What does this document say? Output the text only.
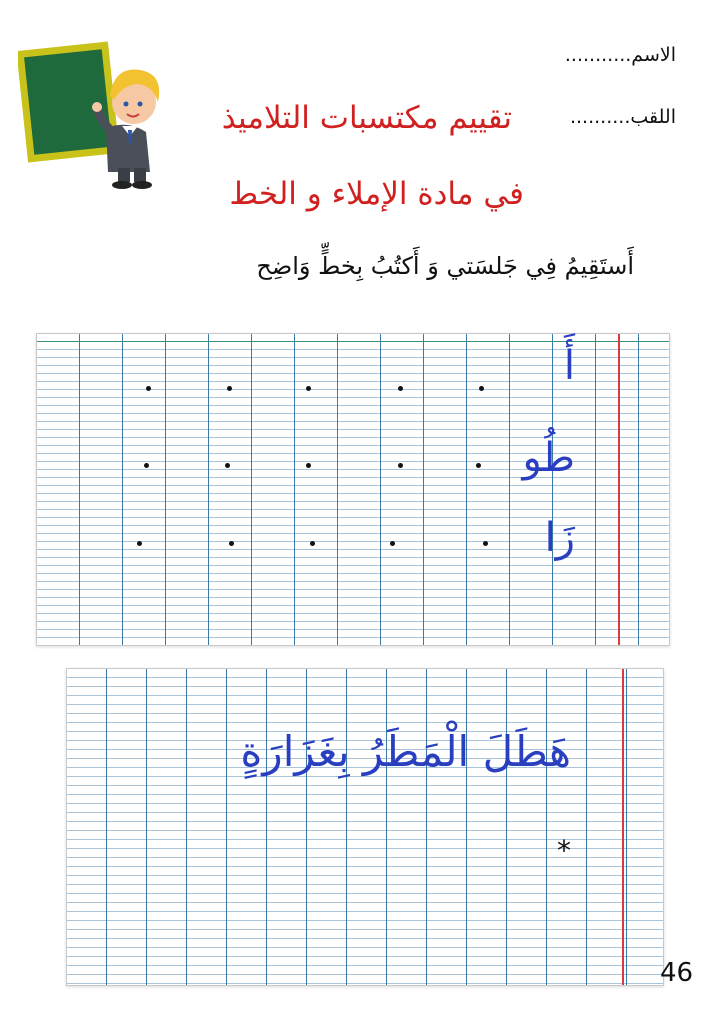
الاسم...........
اللقب..........
تقييم مكتسبات التلاميذ
في مادة الإملاء و الخط
أَستَقِيمُ فِي جَلسَتي وَ أَكتُبُ بِخطٍّ وَاضِح
أَ
طُو
زَا
هَطَلَ الْمَطَرُ بِغَزَارَةٍ
*
46
